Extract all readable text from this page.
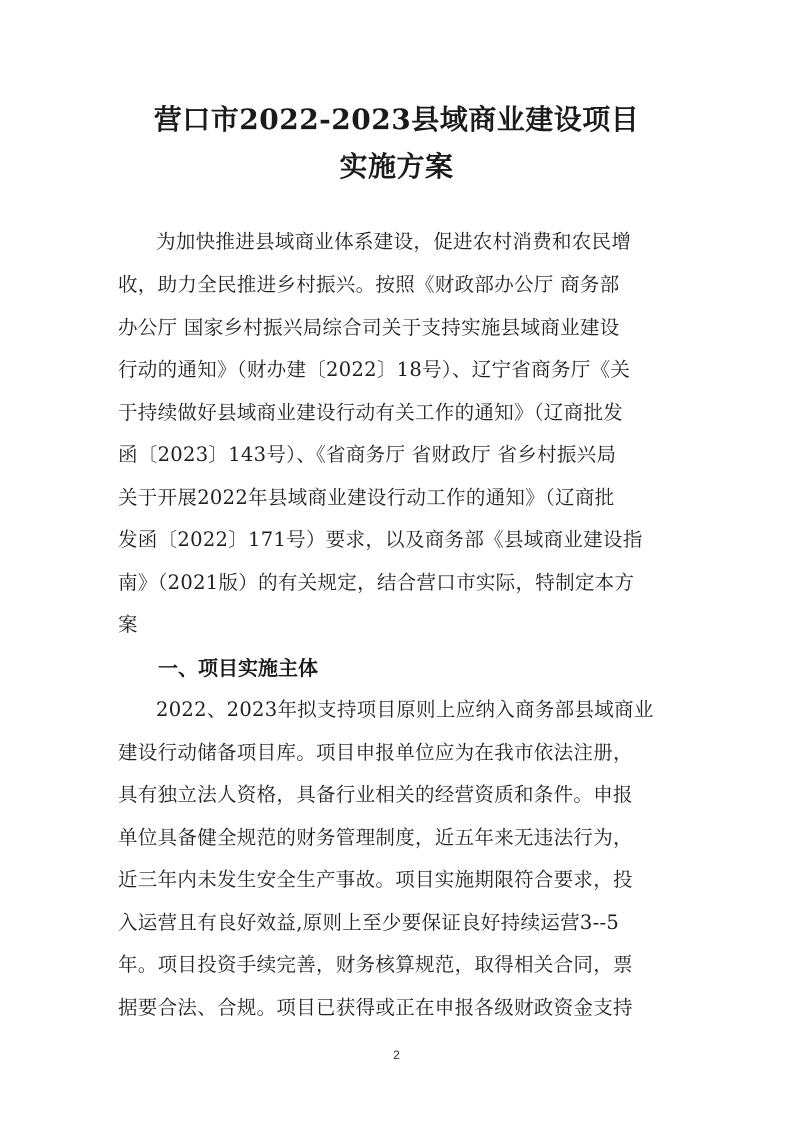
营口市2022-2023县域商业建设项目
实施方案
为加快推进县域商业体系建设，促进农村消费和农民增
收，助力全民推进乡村振兴。按照《财政部办公厅 商务部
办公厅 国家乡村振兴局综合司关于支持实施县域商业建设
行动的通知》（财办建〔2022〕18号）、辽宁省商务厅《关
于持续做好县域商业建设行动有关工作的通知》（辽商批发
函〔2023〕143号）、《省商务厅 省财政厅 省乡村振兴局
关于开展2022年县域商业建设行动工作的通知》（辽商批
发函〔2022〕171号）要求，以及商务部《县域商业建设指
南》（2021版）的有关规定，结合营口市实际，特制定本方
案
一、项目实施主体
2022、2023年拟支持项目原则上应纳入商务部县域商业
建设行动储备项目库。项目申报单位应为在我市依法注册，
具有独立法人资格，具备行业相关的经营资质和条件。申报
单位具备健全规范的财务管理制度，近五年来无违法行为，
近三年内未发生安全生产事故。项目实施期限符合要求，投
入运营且有良好效益,原则上至少要保证良好持续运营3--5
年。项目投资手续完善，财务核算规范，取得相关合同，票
据要合法、合规。项目已获得或正在申报各级财政资金支持
2
